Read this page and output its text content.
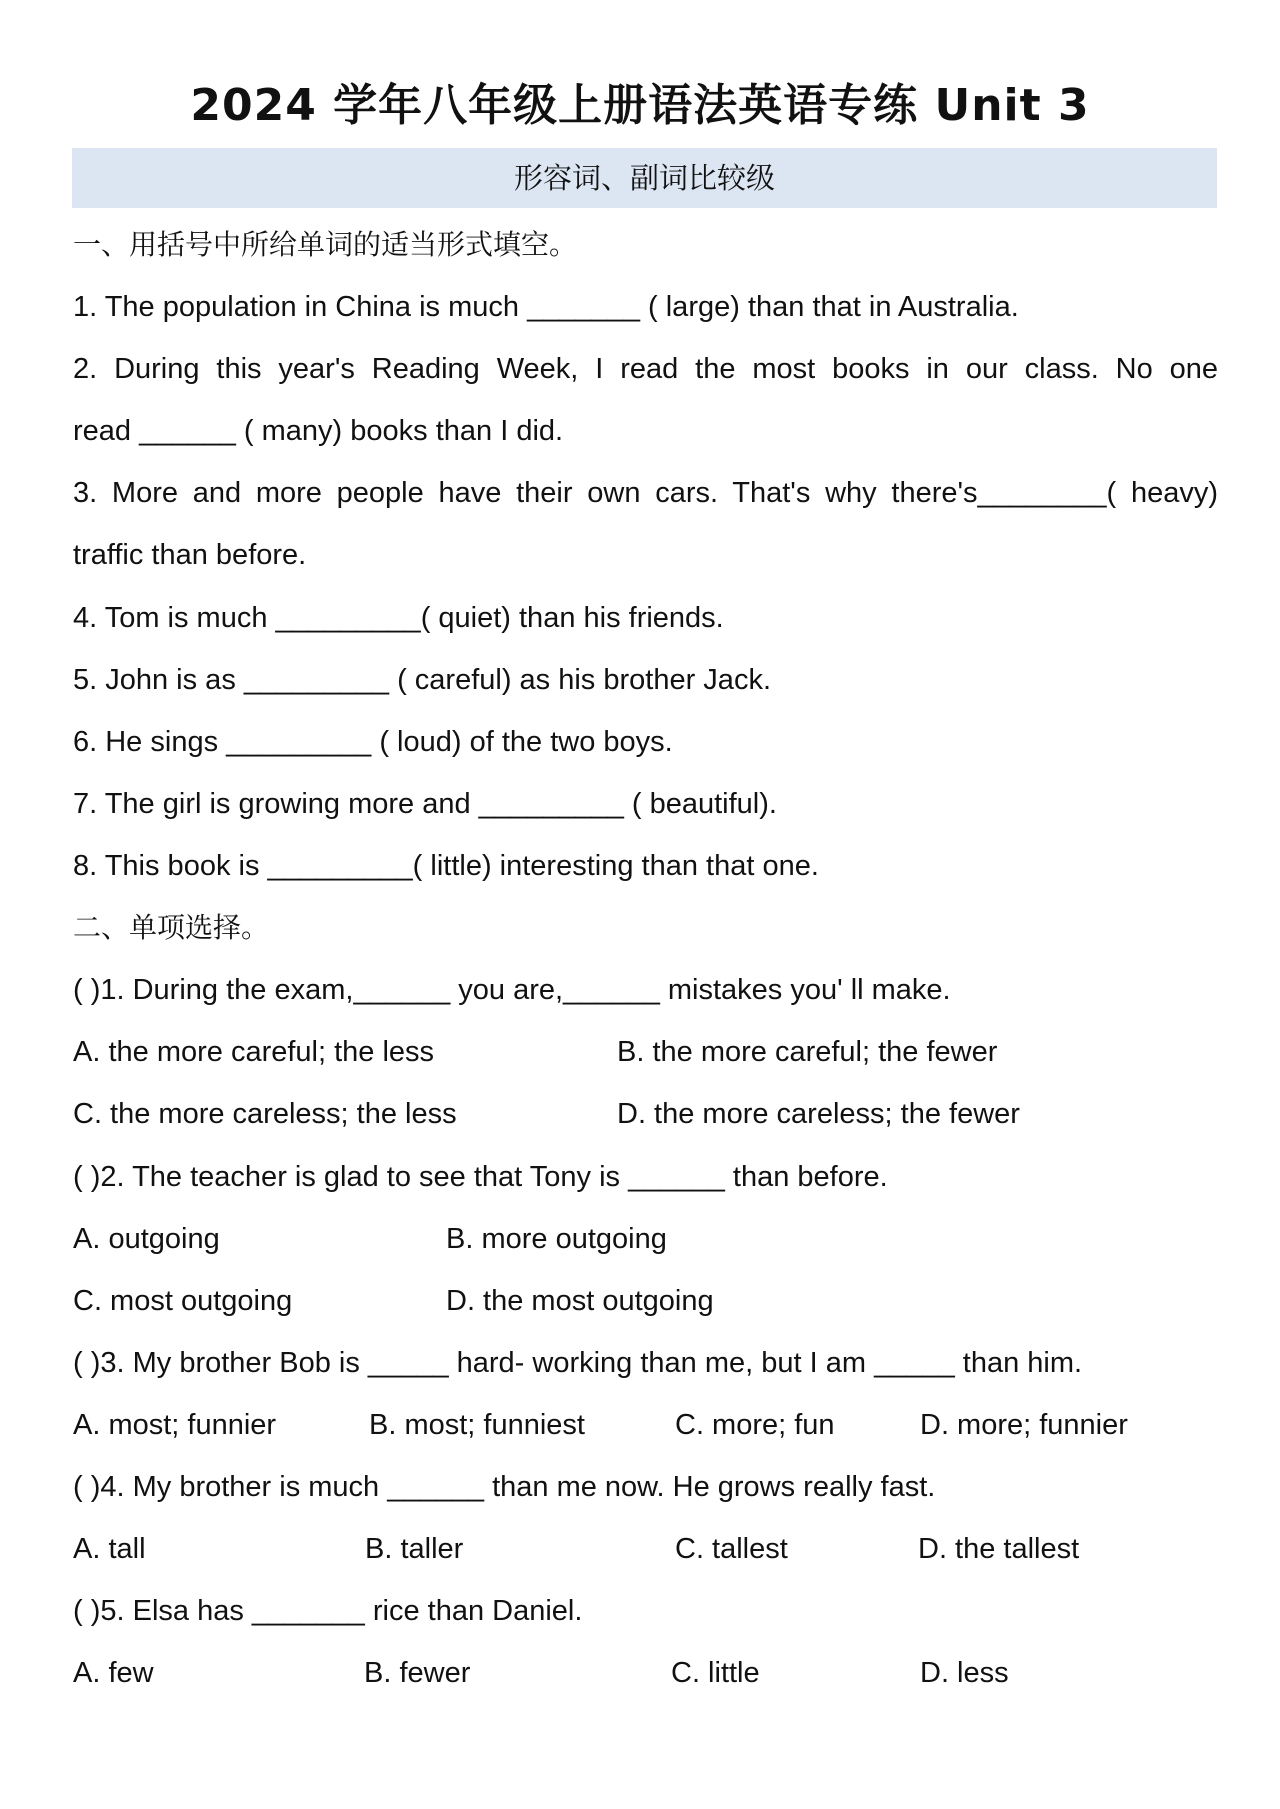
2024 学年八年级上册语法英语专练 Unit 3
形容词、副词比较级
一、用括号中所给单词的适当形式填空。
1. The population in China is much _______ ( large) than that in Australia.
2. During this year's Reading Week, I read the most books in our class. No one
read ______ ( many) books than I did.
3. More and more people have their own cars. That's why there's________( heavy)
traffic than before.
4. Tom is much _________( quiet) than his friends.
5. John is as _________ ( careful) as his brother Jack.
6. He sings _________ ( loud) of the two boys.
7. The girl is growing more and _________ ( beautiful).
8. This book is _________( little) interesting than that one.
二、单项选择。
( )1. During the exam,______ you are,______ mistakes you' ll make.
A. the more careful; the less	B. the more careful; the fewer
C. the more careless; the less	D. the more careless; the fewer
( )2. The teacher is glad to see that Tony is ______ than before.
A. outgoing	B. more outgoing
C. most outgoing	D. the most outgoing
( )3. My brother Bob is _____ hard- working than me, but I am _____ than him.
A. most; funnier	B. most; funniest	C. more; fun	D. more; funnier
( )4. My brother is much ______ than me now. He grows really fast.
A. tall	B. taller	C. tallest	D. the tallest
( )5. Elsa has _______ rice than Daniel.
A. few	B. fewer	C. little	D. less
